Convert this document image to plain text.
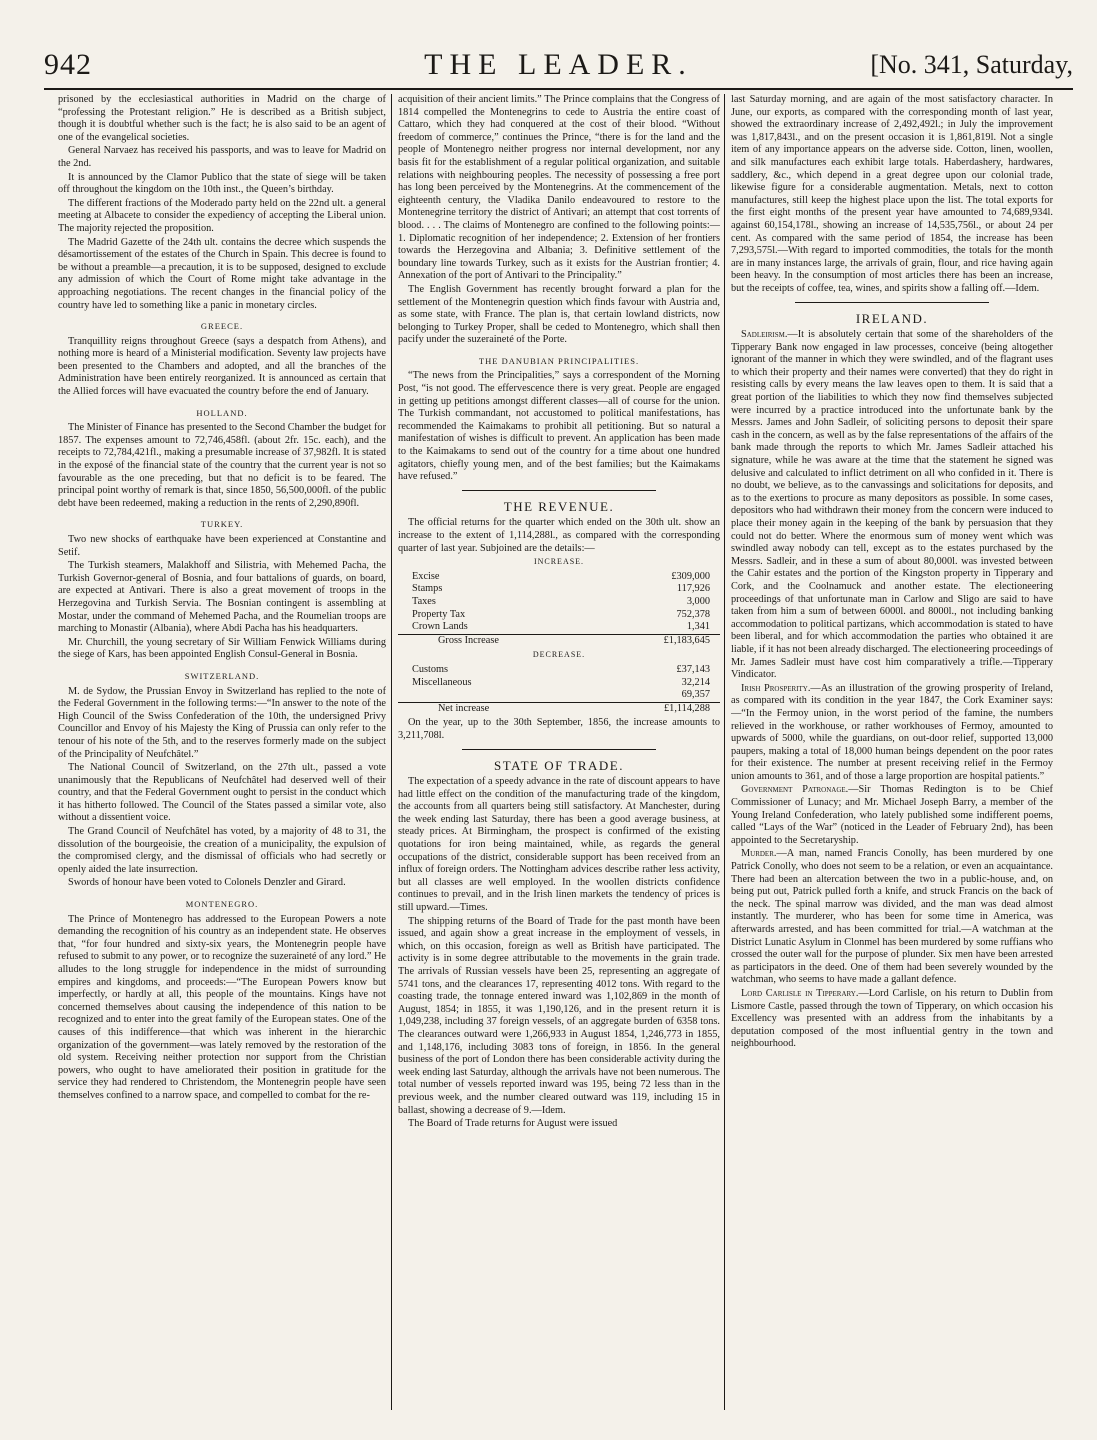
942	THE LEADER.	[No. 341, Saturday,

prisoned by the ecclesiastical authorities in Madrid on the charge of “professing the Protestant religion.” He is described as a British subject, though it is doubtful whether such is the fact; he is also said to be an agent of one of the evangelical societies.

General Narvaez has received his passports, and was to leave for Madrid on the 2nd.

It is announced by the Clamor Publico that the state of siege will be taken off throughout the kingdom on the 10th inst., the Queen’s birthday.

The different fractions of the Moderado party held on the 22nd ult. a general meeting at Albacete to consider the expediency of accepting the Liberal union. The majority rejected the proposition.

The Madrid Gazette of the 24th ult. contains the decree which suspends the désamortissement of the estates of the Church in Spain. This decree is found to be without a preamble—a precaution, it is to be supposed, designed to exclude any admission of which the Court of Rome might take advantage in the approaching negotiations. The recent changes in the financial policy of the country have led to something like a panic in monetary circles.

GREECE.

Tranquillity reigns throughout Greece (says a despatch from Athens), and nothing more is heard of a Ministerial modification. Seventy law projects have been presented to the Chambers and adopted, and all the branches of the Administration have been entirely reorganized. It is announced as certain that the Allied forces will have evacuated the country before the end of January.

HOLLAND.

The Minister of Finance has presented to the Second Chamber the budget for 1857. The expenses amount to 72,746,458fl. (about 2fr. 15c. each), and the receipts to 72,784,421fl., making a presumable increase of 37,982fl. It is stated in the exposé of the financial state of the country that the current year is not so favourable as the one preceding, but that no deficit is to be feared. The principal point worthy of remark is that, since 1850, 56,500,000fl. of the public debt have been redeemed, making a reduction in the rents of 2,290,890fl.

TURKEY.

Two new shocks of earthquake have been experienced at Constantine and Setif.

The Turkish steamers, Malakhoff and Silistria, with Mehemed Pacha, the Turkish Governor-general of Bosnia, and four battalions of guards, on board, are expected at Antivari. There is also a great movement of troops in the Herzegovina and Turkish Servia. The Bosnian contingent is assembling at Mostar, under the command of Mehemed Pacha, and the Roumelian troops are marching to Monastir (Albania), where Abdi Pacha has his headquarters.

Mr. Churchill, the young secretary of Sir William Fenwick Williams during the siege of Kars, has been appointed English Consul-General in Bosnia.

SWITZERLAND.

M. de Sydow, the Prussian Envoy in Switzerland has replied to the note of the Federal Government in the following terms:—“In answer to the note of the High Council of the Swiss Confederation of the 10th, the undersigned Privy Councillor and Envoy of his Majesty the King of Prussia can only refer to the tenour of his note of the 5th, and to the reserves formerly made on the subject of the Principality of Neufchâtel.”

The National Council of Switzerland, on the 27th ult., passed a vote unanimously that the Republicans of Neufchâtel had deserved well of their country, and that the Federal Government ought to persist in the conduct which it has hitherto followed. The Council of the States passed a similar vote, also without a dissentient voice.

The Grand Council of Neufchâtel has voted, by a majority of 48 to 31, the dissolution of the bourgeoisie, the creation of a municipality, the expulsion of the compromised clergy, and the dismissal of officials who had secretly or openly aided the late insurrection.

Swords of honour have been voted to Colonels Denzler and Girard.

MONTENEGRO.

The Prince of Montenegro has addressed to the European Powers a note demanding the recognition of his country as an independent state. He observes that, “for four hundred and sixty-six years, the Montenegrin people have refused to submit to any power, or to recognize the suzeraineté of any lord.” He alludes to the long struggle for independence in the midst of surrounding empires and kingdoms, and proceeds:—“The European Powers know but imperfectly, or hardly at all, this people of the mountains. Kings have not concerned themselves about causing the independence of this nation to be recognized and to enter into the great family of the European states. One of the causes of this indifference—that which was inherent in the hierarchic organization of the government—was lately removed by the restoration of the old system. Receiving neither protection nor support from the Christian powers, who ought to have ameliorated their position in gratitude for the service they had rendered to Christendom, the Montenegrin people have seen themselves confined to a narrow space, and compelled to combat for the re-

acquisition of their ancient limits.” The Prince complains that the Congress of 1814 compelled the Montenegrins to cede to Austria the entire coast of Cattaro, which they had conquered at the cost of their blood. “Without freedom of commerce,” continues the Prince, “there is for the land and the people of Montenegro neither progress nor internal development, nor any basis fit for the establishment of a regular political organization, and suitable relations with neighbouring peoples. The necessity of possessing a free port has long been perceived by the Montenegrins. At the commencement of the eighteenth century, the Vladika Danilo endeavoured to restore to the Montenegrine territory the district of Antivari; an attempt that cost torrents of blood. . . . The claims of Montenegro are confined to the following points:—1. Diplomatic recognition of her independence; 2. Extension of her frontiers towards the Herzegovina and Albania; 3. Definitive settlement of the boundary line towards Turkey, such as it exists for the Austrian frontier; 4. Annexation of the port of Antivari to the Principality.”

The English Government has recently brought forward a plan for the settlement of the Montenegrin question which finds favour with Austria and, as some state, with France. The plan is, that certain lowland districts, now belonging to Turkey Proper, shall be ceded to Montenegro, which shall then pacify under the suzeraineté of the Porte.

THE DANUBIAN PRINCIPALITIES.

“The news from the Principalities,” says a correspondent of the Morning Post, “is not good. The effervescence there is very great. People are engaged in getting up petitions amongst different classes—all of course for the union. The Turkish commandant, not accustomed to political manifestations, has recommended the Kaimakams to prohibit all petitioning. But so natural a manifestation of wishes is difficult to prevent. An application has been made to the Kaimakams to send out of the country for a time about one hundred agitators, chiefly young men, and of the best families; but the Kaimakams have refused.”

THE REVENUE.

The official returns for the quarter which ended on the 30th ult. show an increase to the extent of 1,114,288l., as compared with the corresponding quarter of last year. Subjoined are the details:—

INCREASE.
Excise	£309,000
Stamps	117,926
Taxes	3,000
Property Tax	752,378
Crown Lands	1,341
Gross Increase	£1,183,645
DECREASE.
Customs	£37,143
Miscellaneous	32,214
	69,357
Net increase	£1,114,288

On the year, up to the 30th September, 1856, the increase amounts to 3,211,708l.

STATE OF TRADE.

The expectation of a speedy advance in the rate of discount appears to have had little effect on the condition of the manufacturing trade of the kingdom, the accounts from all quarters being still satisfactory. At Manchester, during the week ending last Saturday, there has been a good average business, at steady prices. At Birmingham, the prospect is confirmed of the existing quotations for iron being maintained, while, as regards the general occupations of the district, considerable support has been received from an influx of foreign orders. The Nottingham advices describe rather less activity, but all classes are well employed. In the woollen districts confidence continues to prevail, and in the Irish linen markets the tendency of prices is still upward.—Times.

The shipping returns of the Board of Trade for the past month have been issued, and again show a great increase in the employment of vessels, in which, on this occasion, foreign as well as British have participated. The activity is in some degree attributable to the movements in the grain trade. The arrivals of Russian vessels have been 25, representing an aggregate of 5741 tons, and the clearances 17, representing 4012 tons. With regard to the coasting trade, the tonnage entered inward was 1,102,869 in the month of August, 1854; in 1855, it was 1,190,126, and in the present return it is 1,049,238, including 37 foreign vessels, of an aggregate burden of 6358 tons. The clearances outward were 1,266,933 in August 1854, 1,246,773 in 1855, and 1,148,176, including 3083 tons of foreign, in 1856. In the general business of the port of London there has been considerable activity during the week ending last Saturday, although the arrivals have not been numerous. The total number of vessels reported inward was 195, being 72 less than in the previous week, and the number cleared outward was 119, including 15 in ballast, showing a decrease of 9.—Idem.

The Board of Trade returns for August were issued

last Saturday morning, and are again of the most satisfactory character. In June, our exports, as compared with the corresponding month of last year, showed the extraordinary increase of 2,492,492l.; in July the improvement was 1,817,843l., and on the present occasion it is 1,861,819l. Not a single item of any importance appears on the adverse side. Cotton, linen, woollen, and silk manufactures each exhibit large totals. Haberdashery, hardwares, saddlery, &c., which depend in a great degree upon our colonial trade, likewise figure for a considerable augmentation. Metals, next to cotton manufactures, still keep the highest place upon the list. The total exports for the first eight months of the present year have amounted to 74,689,934l. against 60,154,178l., showing an increase of 14,535,756l., or about 24 per cent. As compared with the same period of 1854, the increase has been 7,293,575l.—With regard to imported commodities, the totals for the month are in many instances large, the arrivals of grain, flour, and rice having again been heavy. In the consumption of most articles there has been an increase, but the receipts of coffee, tea, wines, and spirits show a falling off.—Idem.

IRELAND.

Sadleirism.—It is absolutely certain that some of the shareholders of the Tipperary Bank now engaged in law processes, conceive (being altogether ignorant of the manner in which they were swindled, and of the flagrant uses to which their property and their names were converted) that they do right in resisting calls by every means the law leaves open to them. It is said that a great portion of the liabilities to which they now find themselves subjected were incurred by a practice introduced into the unfortunate bank by the Messrs. James and John Sadleir, of soliciting persons to deposit their spare cash in the concern, as well as by the false representations of the affairs of the bank made through the reports to which Mr. James Sadleir attached his signature, while he was aware at the time that the statement he signed was delusive and calculated to inflict detriment on all who confided in it. There is no doubt, we believe, as to the canvassings and solicitations for deposits, and as to the exertions to procure as many depositors as possible. In some cases, depositors who had withdrawn their money from the concern were induced to place their money again in the keeping of the bank by persuasion that they could not do better. Where the enormous sum of money went which was swindled away nobody can tell, except as to the estates purchased by the Messrs. Sadleir, and in these a sum of about 80,000l. was invested between the Cahir estates and the portion of the Kingston property in Tipperary and Cork, and the Coolnamuck and another estate. The electioneering proceedings of that unfortunate man in Carlow and Sligo are said to have taken from him a sum of between 6000l. and 8000l., not including banking accommodation to political partizans, which accommodation is stated to have been liberal, and for which accommodation the parties who obtained it are liable, if it has not been already discharged. The electioneering proceedings of Mr. James Sadleir must have cost him comparatively a trifle.—Tipperary Vindicator.

Irish Prosperity.—As an illustration of the growing prosperity of Ireland, as compared with its condition in the year 1847, the Cork Examiner says:—“In the Fermoy union, in the worst period of the famine, the numbers relieved in the workhouse, or rather workhouses of Fermoy, amounted to upwards of 5000, while the guardians, on out-door relief, supported 13,000 paupers, making a total of 18,000 human beings dependent on the poor rates for their existence. The number at present receiving relief in the Fermoy union amounts to 361, and of those a large proportion are hospital patients.”

Government Patronage.—Sir Thomas Redington is to be Chief Commissioner of Lunacy; and Mr. Michael Joseph Barry, a member of the Young Ireland Confederation, who lately published some indifferent poems, called “Lays of the War” (noticed in the Leader of February 2nd), has been appointed to the Secretaryship.

Murder.—A man, named Francis Conolly, has been murdered by one Patrick Conolly, who does not seem to be a relation, or even an acquaintance. There had been an altercation between the two in a public-house, and, on being put out, Patrick pulled forth a knife, and struck Francis on the back of the neck. The spinal marrow was divided, and the man was dead almost instantly. The murderer, who has been for some time in America, was afterwards arrested, and has been committed for trial.—A watchman at the District Lunatic Asylum in Clonmel has been murdered by some ruffians who crossed the outer wall for the purpose of plunder. Six men have been arrested as participators in the deed. One of them had been severely wounded by the watchman, who seems to have made a gallant defence.

Lord Carlisle in Tipperary.—Lord Carlisle, on his return to Dublin from Lismore Castle, passed through the town of Tipperary, on which occasion his Excellency was presented with an address from the inhabitants by a deputation composed of the most influential gentry in the town and neighbourhood.
